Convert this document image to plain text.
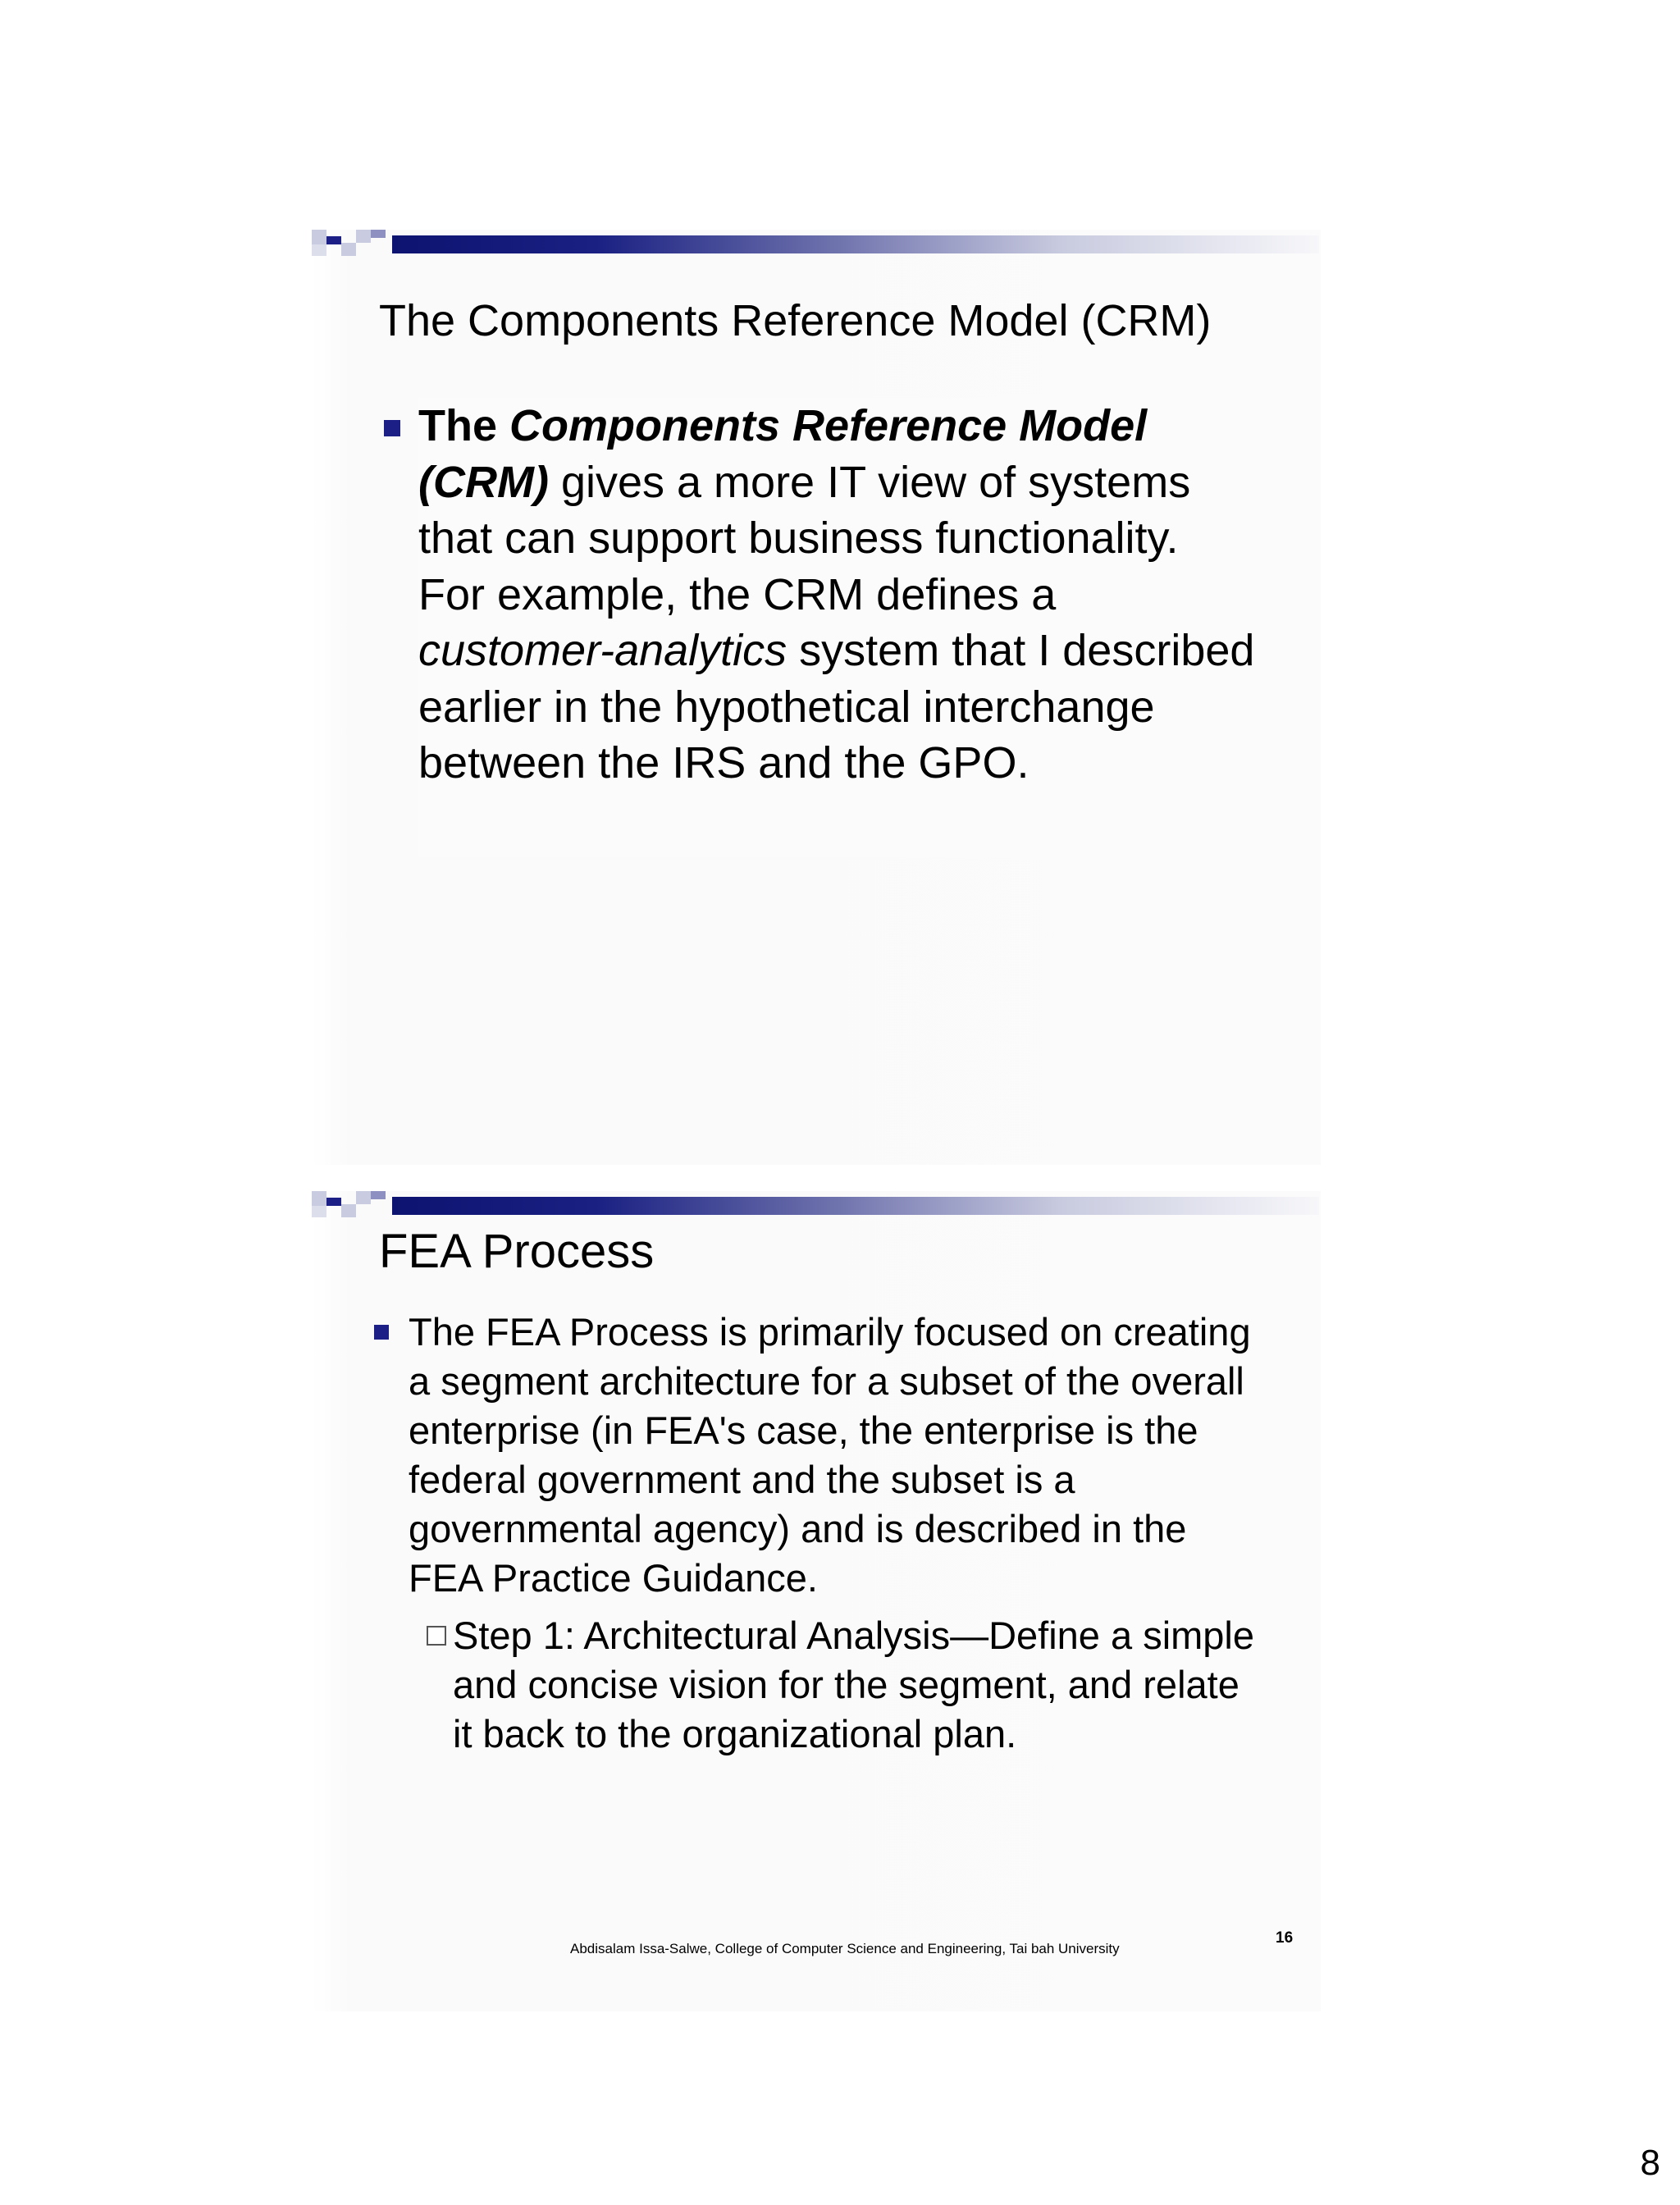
The Components Reference Model (CRM)
The Components Reference Model
(CRM) gives a more IT view of systems
that can support business functionality.
For example, the CRM defines a
customer-analytics system that I described
earlier in the hypothetical interchange
between the IRS and the GPO.
FEA Process
The FEA Process is primarily focused on creating
a segment architecture for a subset of the overall
enterprise (in FEA's case, the enterprise is the
federal government and the subset is a
governmental agency) and is described in the
FEA Practice Guidance.
Step 1: Architectural Analysis—Define a simple
and concise vision for the segment, and relate
it back to the organizational plan.
Abdisalam Issa-Salwe, College of Computer Science and Engineering, Tai bah University
16
8
